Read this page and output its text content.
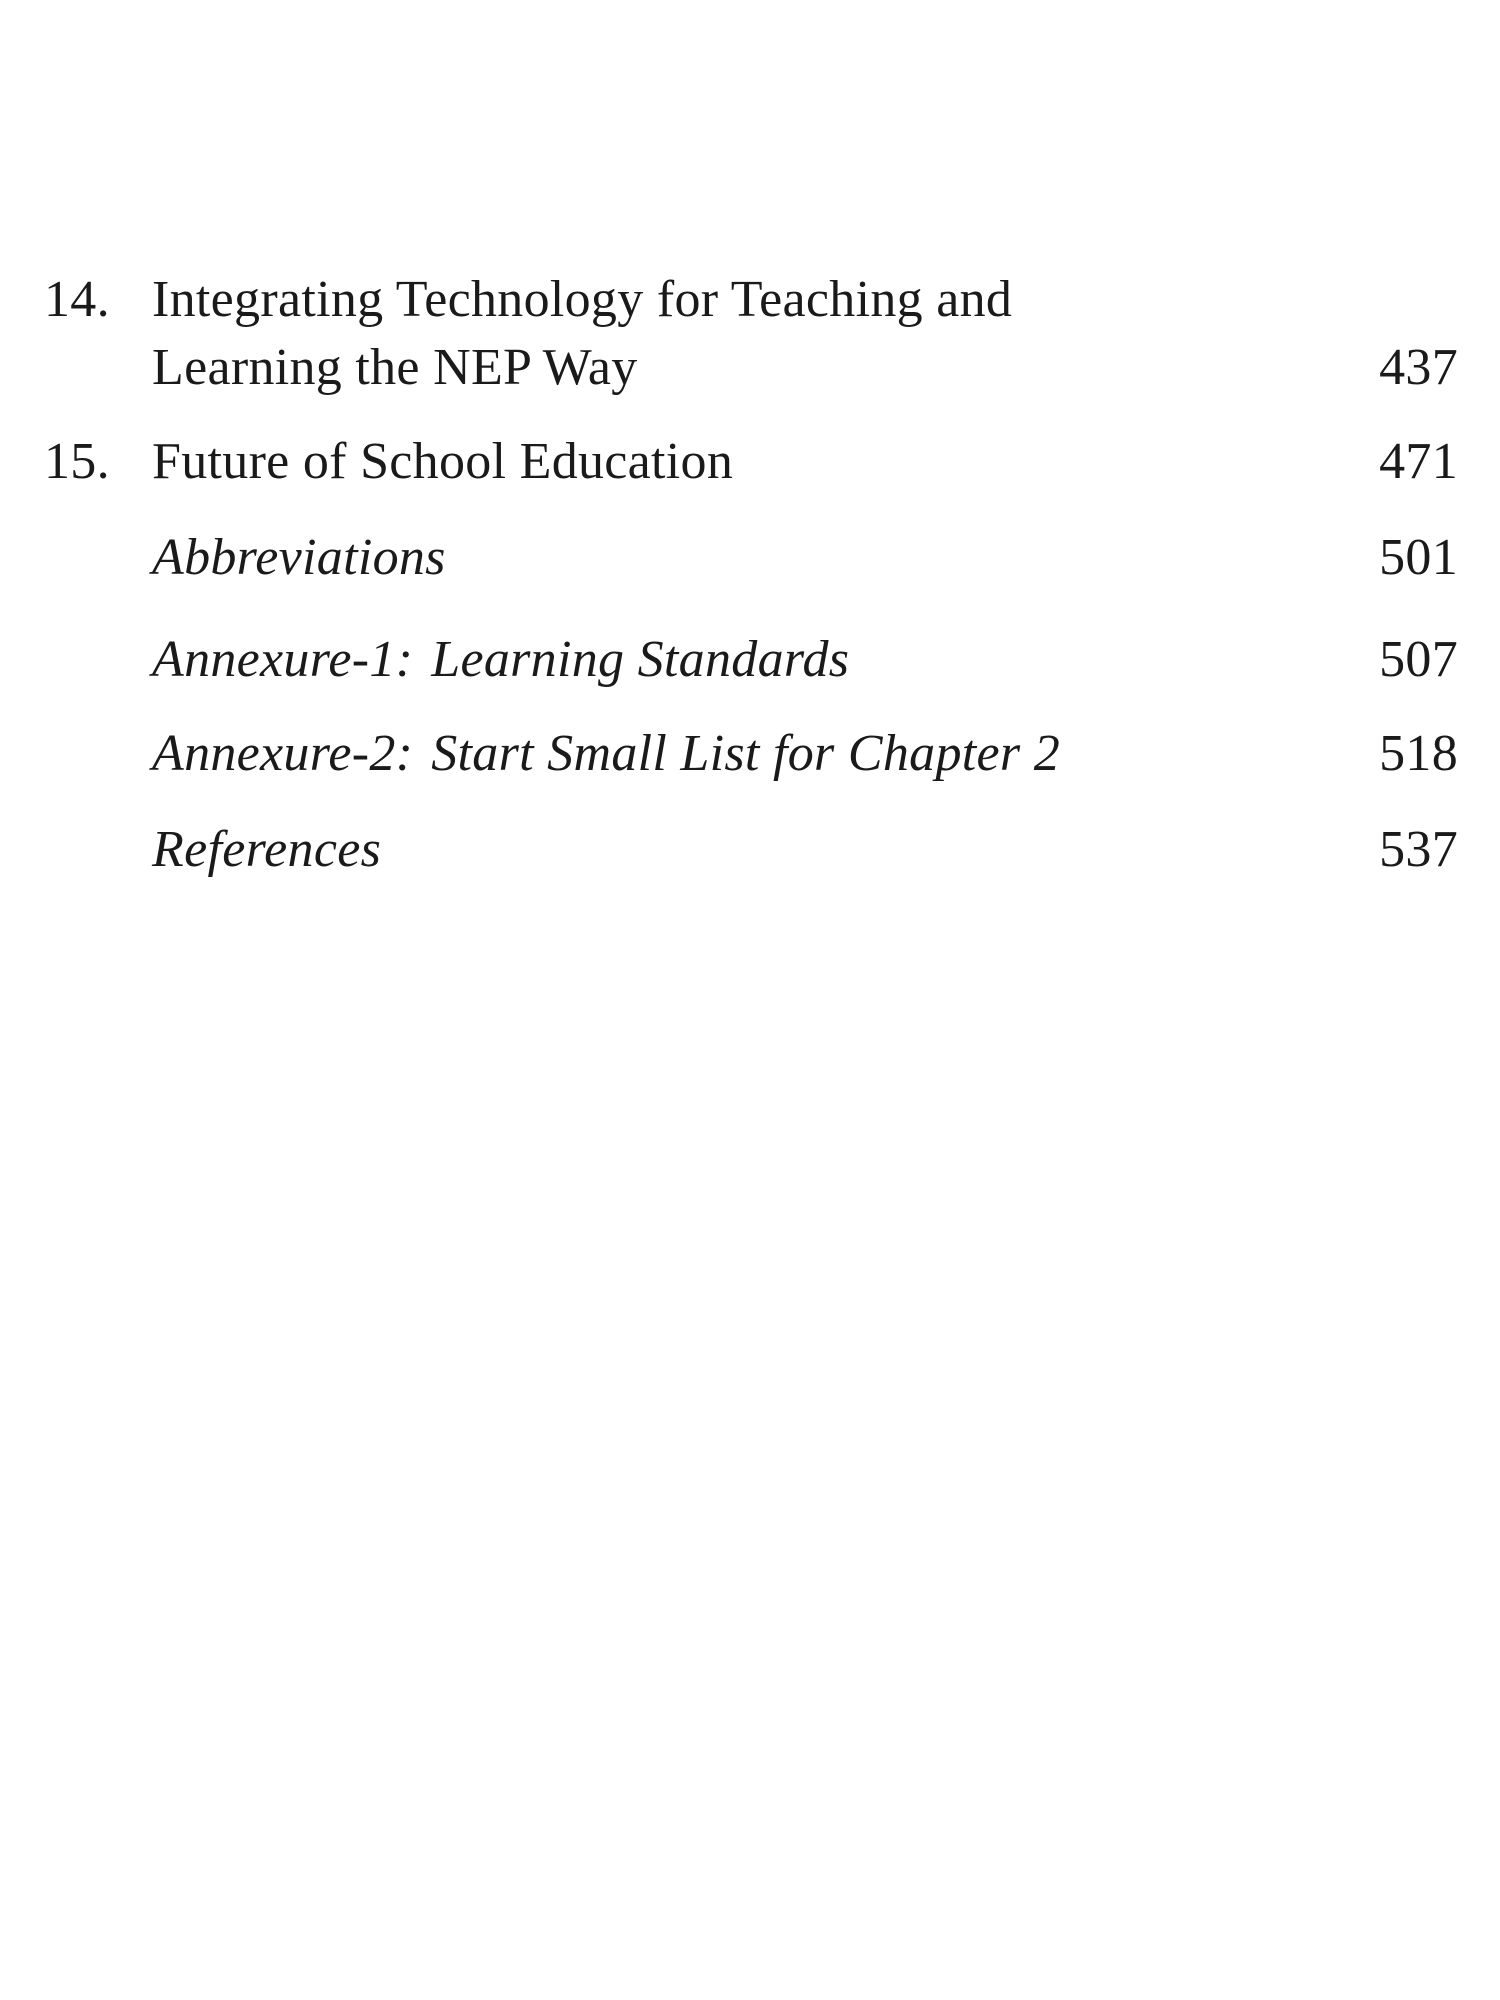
14. Integrating Technology for Teaching and
Learning the NEP Way	437
15. Future of School Education	471
Abbreviations	501
Annexure-1: Learning Standards	507
Annexure-2: Start Small List for Chapter 2	518
References	537
